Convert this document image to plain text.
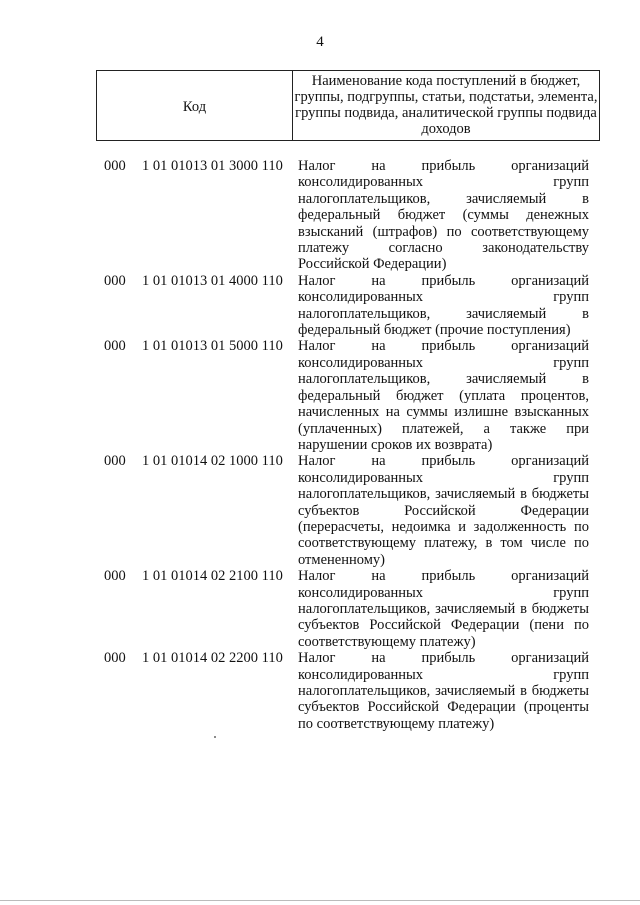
4
Код
Наименование кода поступлений в бюджет, группы, подгруппы, статьи, подстатьи, элемента, группы подвида, аналитической группы подвида доходов
000 1 01 01013 01 3000 110 Налог на прибыль организаций консолидированных групп налогоплательщиков, зачисляемый в федеральный бюджет (суммы денежных взысканий (штрафов) по соответствующему платежу согласно законодательству Российской Федерации)
000 1 01 01013 01 4000 110 Налог на прибыль организаций консолидированных групп налогоплательщиков, зачисляемый в федеральный бюджет (прочие поступления)
000 1 01 01013 01 5000 110 Налог на прибыль организаций консолидированных групп налогоплательщиков, зачисляемый в федеральный бюджет (уплата процентов, начисленных на суммы излишне взысканных (уплаченных) платежей, а также при нарушении сроков их возврата)
000 1 01 01014 02 1000 110 Налог на прибыль организаций консолидированных групп налогоплательщиков, зачисляемый в бюджеты субъектов Российской Федерации (перерасчеты, недоимка и задолженность по соответствующему платежу, в том числе по отмененному)
000 1 01 01014 02 2100 110 Налог на прибыль организаций консолидированных групп налогоплательщиков, зачисляемый в бюджеты субъектов Российской Федерации (пени по соответствующему платежу)
000 1 01 01014 02 2200 110 Налог на прибыль организаций консолидированных групп налогоплательщиков, зачисляемый в бюджеты субъектов Российской Федерации (проценты по соответствующему платежу)
